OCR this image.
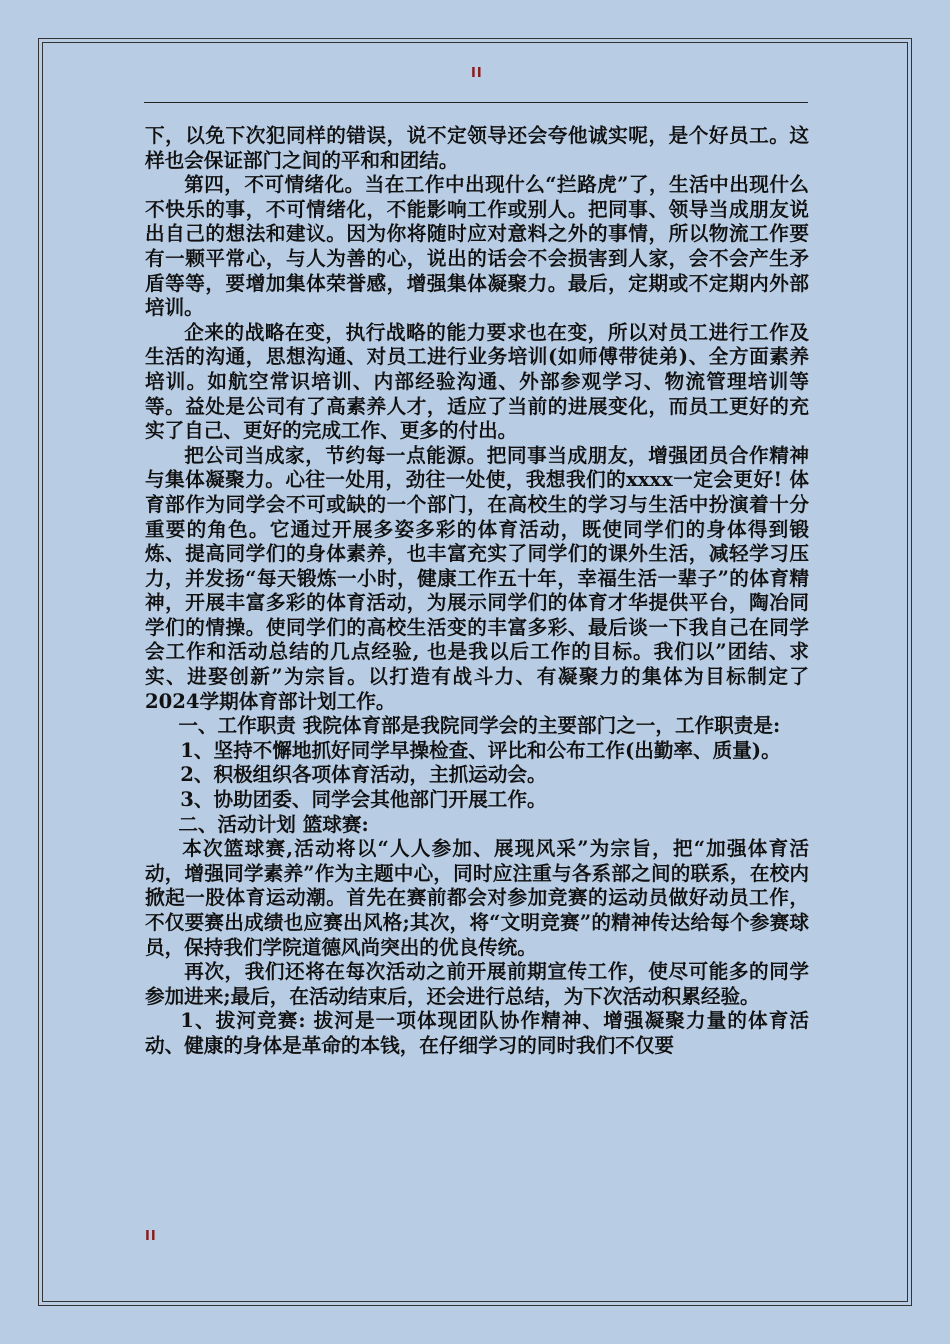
II

下，以免下次犯同样的错误，说不定领导还会夸他诚实呢，是个好员工。这样也会保证部门之间的平和和团结。

第四，不可情绪化。当在工作中出现什么“拦路虎”了，生活中出现什么不快乐的事，不可情绪化，不能影响工作或别人。把同事、领导当成朋友说出自己的想法和建议。因为你将随时应对意料之外的事情，所以物流工作要有一颗平常心，与人为善的心，说出的话会不会损害到人家，会不会产生矛盾等等，要增加集体荣誉感，增强集体凝聚力。最后，定期或不定期内外部培训。

企来的战略在变，执行战略的能力要求也在变，所以对员工进行工作及生活的沟通，思想沟通、对员工进行业务培训(如师傅带徒弟)、全方面素养培训。如航空常识培训、内部经验沟通、外部参观学习、物流管理培训等等。益处是公司有了高素养人才，适应了当前的进展变化，而员工更好的充实了自己、更好的完成工作、更多的付出。

把公司当成家，节约每一点能源。把同事当成朋友，增强团员合作精神与集体凝聚力。心往一处用，劲往一处使，我想我们的xxxx一定会更好! 体育部作为同学会不可或缺的一个部门，在高校生的学习与生活中扮演着十分重要的角色。它通过开展多姿多彩的体育活动，既使同学们的身体得到锻炼、提高同学们的身体素养，也丰富充实了同学们的课外生活，减轻学习压力，并发扬“每天锻炼一小时，健康工作五十年，幸福生活一辈子”的体育精神，开展丰富多彩的体育活动，为展示同学们的体育才华提供平台，陶冶同学们的情操。使同学们的高校生活变的丰富多彩、最后谈一下我自己在同学会工作和活动总结的几点经验, 也是我以后工作的目标。我们以”团结、求实、进娶创新”为宗旨。以打造有战斗力、有凝聚力的集体为目标制定了2024学期体育部计划工作。

一、工作职责 我院体育部是我院同学会的主要部门之一，工作职责是:

1、坚持不懈地抓好同学早操检查、评比和公布工作(出勤率、质量)。

2、积极组织各项体育活动，主抓运动会。

3、协助团委、同学会其他部门开展工作。

二、活动计划 篮球赛:

本次篮球赛,活动将以“人人参加、展现风采”为宗旨，把“加强体育活动，增强同学素养”作为主题中心，同时应注重与各系部之间的联系，在校内掀起一股体育运动潮。首先在赛前都会对参加竞赛的运动员做好动员工作，不仅要赛出成绩也应赛出风格;其次，将“文明竞赛”的精神传达给每个参赛球员，保持我们学院道德风尚突出的优良传统。

再次，我们还将在每次活动之前开展前期宣传工作，使尽可能多的同学参加进来;最后，在活动结束后，还会进行总结，为下次活动积累经验。

1、拔河竞赛: 拔河是一项体现团队协作精神、增强凝聚力量的体育活动、健康的身体是革命的本钱，在仔细学习的同时我们不仅要

II
